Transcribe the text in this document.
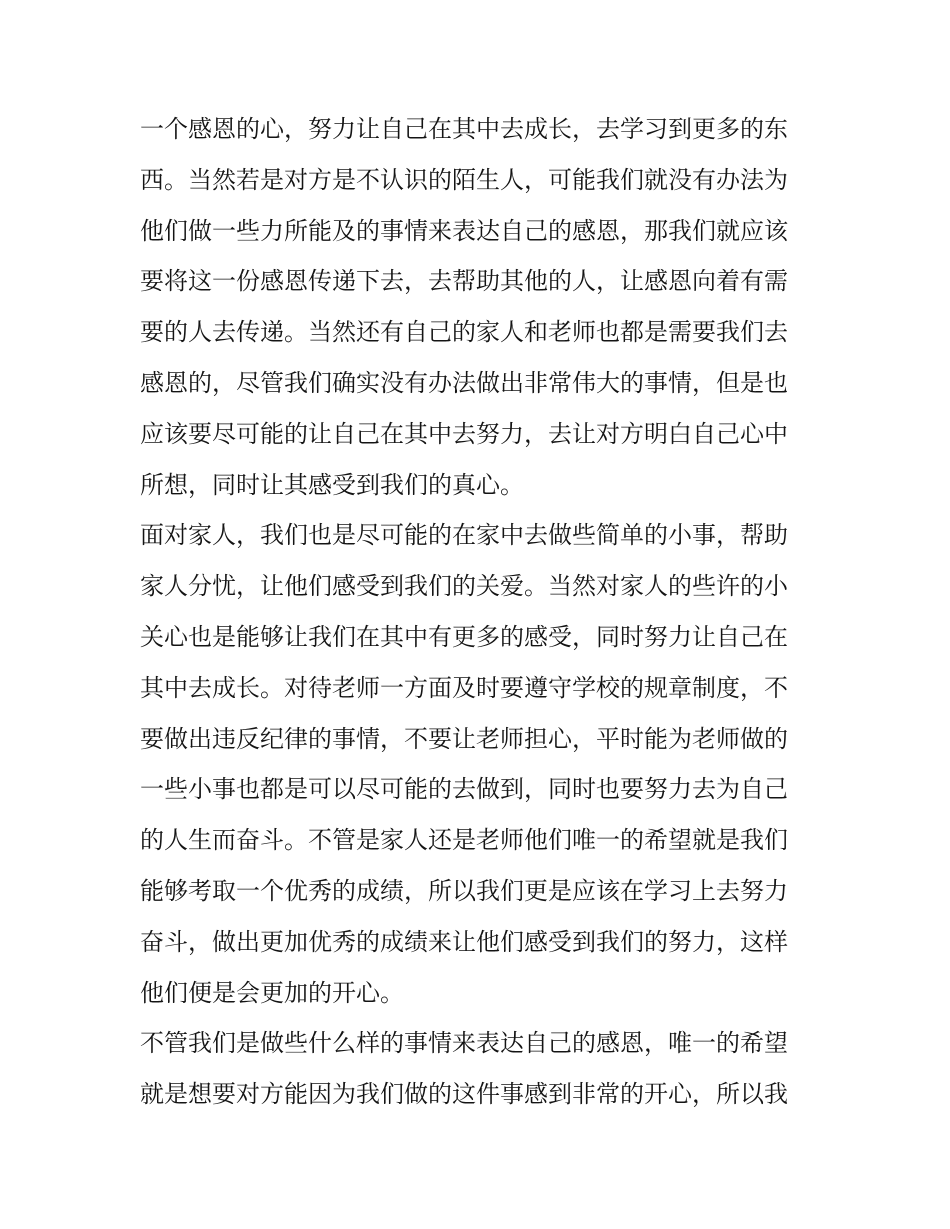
一个感恩的心，努力让自己在其中去成长，去学习到更多的东
西。当然若是对方是不认识的陌生人，可能我们就没有办法为
他们做一些力所能及的事情来表达自己的感恩，那我们就应该
要将这一份感恩传递下去，去帮助其他的人，让感恩向着有需
要的人去传递。当然还有自己的家人和老师也都是需要我们去
感恩的，尽管我们确实没有办法做出非常伟大的事情，但是也
应该要尽可能的让自己在其中去努力，去让对方明白自己心中
所想，同时让其感受到我们的真心。
面对家人，我们也是尽可能的在家中去做些简单的小事，帮助
家人分忧，让他们感受到我们的关爱。当然对家人的些许的小
关心也是能够让我们在其中有更多的感受，同时努力让自己在
其中去成长。对待老师一方面及时要遵守学校的规章制度，不
要做出违反纪律的事情，不要让老师担心，平时能为老师做的
一些小事也都是可以尽可能的去做到，同时也要努力去为自己
的人生而奋斗。不管是家人还是老师他们唯一的希望就是我们
能够考取一个优秀的成绩，所以我们更是应该在学习上去努力
奋斗，做出更加优秀的成绩来让他们感受到我们的努力，这样
他们便是会更加的开心。
不管我们是做些什么样的事情来表达自己的感恩，唯一的希望
就是想要对方能因为我们做的这件事感到非常的开心，所以我
